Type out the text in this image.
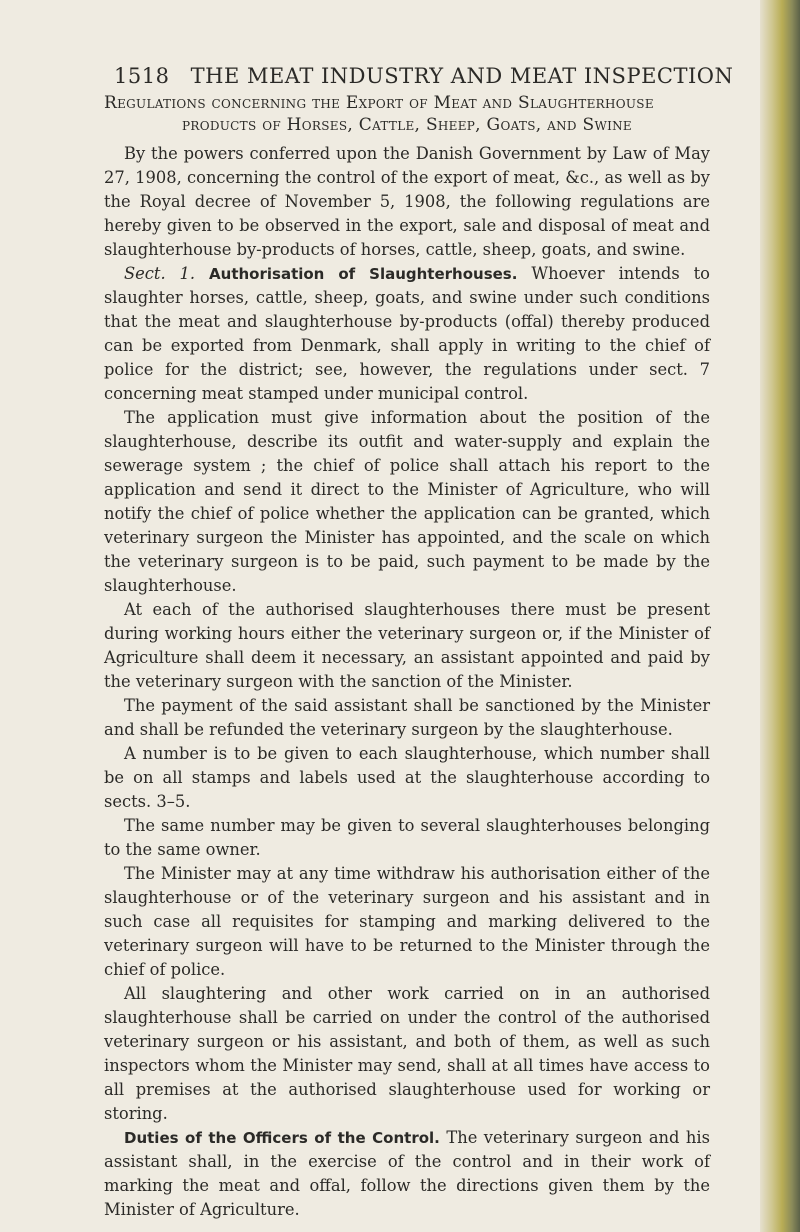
1518 THE MEAT INDUSTRY AND MEAT INSPECTION
Regulations concerning the Export of Meat and Slaughterhouse
products of Horses, Cattle, Sheep, Goats, and Swine

By the powers conferred upon the Danish Government by Law of May 27, 1908, concerning the control of the export of meat, &c., as well as by the Royal decree of November 5, 1908, the following regulations are hereby given to be observed in the export, sale and disposal of meat and slaughterhouse by-products of horses, cattle, sheep, goats, and swine.

Sect. 1. Authorisation of Slaughterhouses. Whoever intends to slaughter horses, cattle, sheep, goats, and swine under such conditions that the meat and slaughterhouse by-products (offal) thereby produced can be exported from Denmark, shall apply in writing to the chief of police for the district; see, however, the regulations under sect. 7 concerning meat stamped under municipal control.

The application must give information about the position of the slaughterhouse, describe its outfit and water-supply and explain the sewerage system ; the chief of police shall attach his report to the application and send it direct to the Minister of Agriculture, who will notify the chief of police whether the application can be granted, which veterinary surgeon the Minister has appointed, and the scale on which the veterinary surgeon is to be paid, such payment to be made by the slaughterhouse.

At each of the authorised slaughterhouses there must be present during working hours either the veterinary surgeon or, if the Minister of Agriculture shall deem it necessary, an assistant appointed and paid by the veterinary surgeon with the sanction of the Minister.

The payment of the said assistant shall be sanctioned by the Minister and shall be refunded the veterinary surgeon by the slaughterhouse.

A number is to be given to each slaughterhouse, which number shall be on all stamps and labels used at the slaughterhouse according to sects. 3–5.

The same number may be given to several slaughterhouses belonging to the same owner.

The Minister may at any time withdraw his authorisation either of the slaughterhouse or of the veterinary surgeon and his assistant and in such case all requisites for stamping and marking delivered to the veterinary surgeon will have to be returned to the Minister through the chief of police.

All slaughtering and other work carried on in an authorised slaughterhouse shall be carried on under the control of the authorised veterinary surgeon or his assistant, and both of them, as well as such inspectors whom the Minister may send, shall at all times have access to all premises at the authorised slaughterhouse used for working or storing.

Duties of the Officers of the Control. The veterinary surgeon and his assistant shall, in the exercise of the control and in their work of marking the meat and offal, follow the directions given them by the Minister of Agriculture.
